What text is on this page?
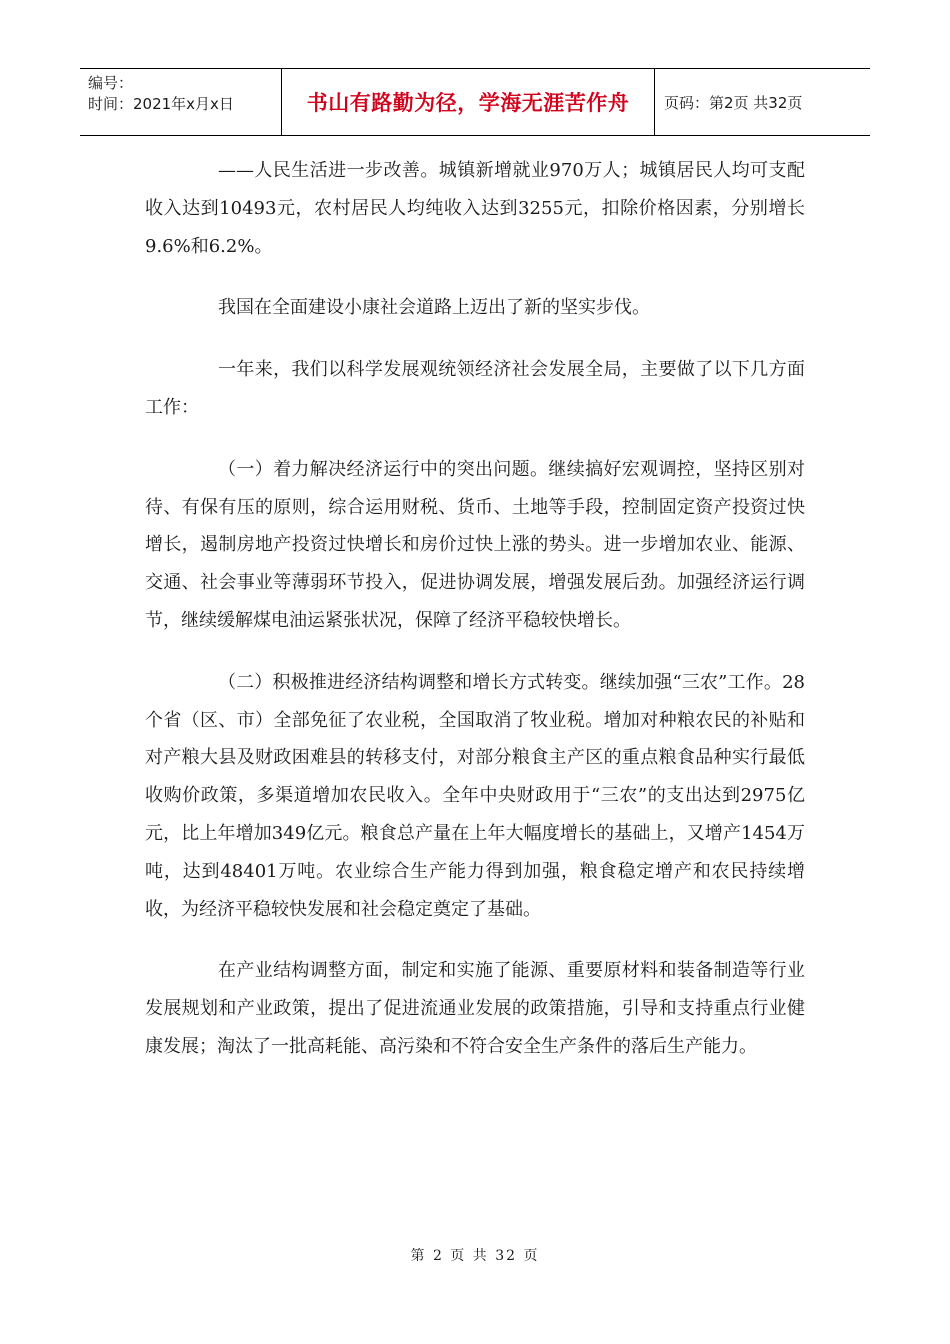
编号：
时间：2021年x月x日	书山有路勤为径，学海无涯苦作舟	页码：第2页 共32页

——人民生活进一步改善。城镇新增就业970万人；城镇居民人均可支配收入达到10493元，农村居民人均纯收入达到3255元，扣除价格因素，分别增长9.6%和6.2%。

我国在全面建设小康社会道路上迈出了新的坚实步伐。

一年来，我们以科学发展观统领经济社会发展全局，主要做了以下几方面工作：

（一）着力解决经济运行中的突出问题。继续搞好宏观调控，坚持区别对待、有保有压的原则，综合运用财税、货币、土地等手段，控制固定资产投资过快增长，遏制房地产投资过快增长和房价过快上涨的势头。进一步增加农业、能源、交通、社会事业等薄弱环节投入，促进协调发展，增强发展后劲。加强经济运行调节，继续缓解煤电油运紧张状况，保障了经济平稳较快增长。

（二）积极推进经济结构调整和增长方式转变。继续加强“三农”工作。28个省（区、市）全部免征了农业税，全国取消了牧业税。增加对种粮农民的补贴和对产粮大县及财政困难县的转移支付，对部分粮食主产区的重点粮食品种实行最低收购价政策，多渠道增加农民收入。全年中央财政用于“三农”的支出达到2975亿元，比上年增加349亿元。粮食总产量在上年大幅度增长的基础上，又增产1454万吨，达到48401万吨。农业综合生产能力得到加强，粮食稳定增产和农民持续增收，为经济平稳较快发展和社会稳定奠定了基础。

在产业结构调整方面，制定和实施了能源、重要原材料和装备制造等行业发展规划和产业政策，提出了促进流通业发展的政策措施，引导和支持重点行业健康发展；淘汰了一批高耗能、高污染和不符合安全生产条件的落后生产能力。

第 2 页 共 32 页
